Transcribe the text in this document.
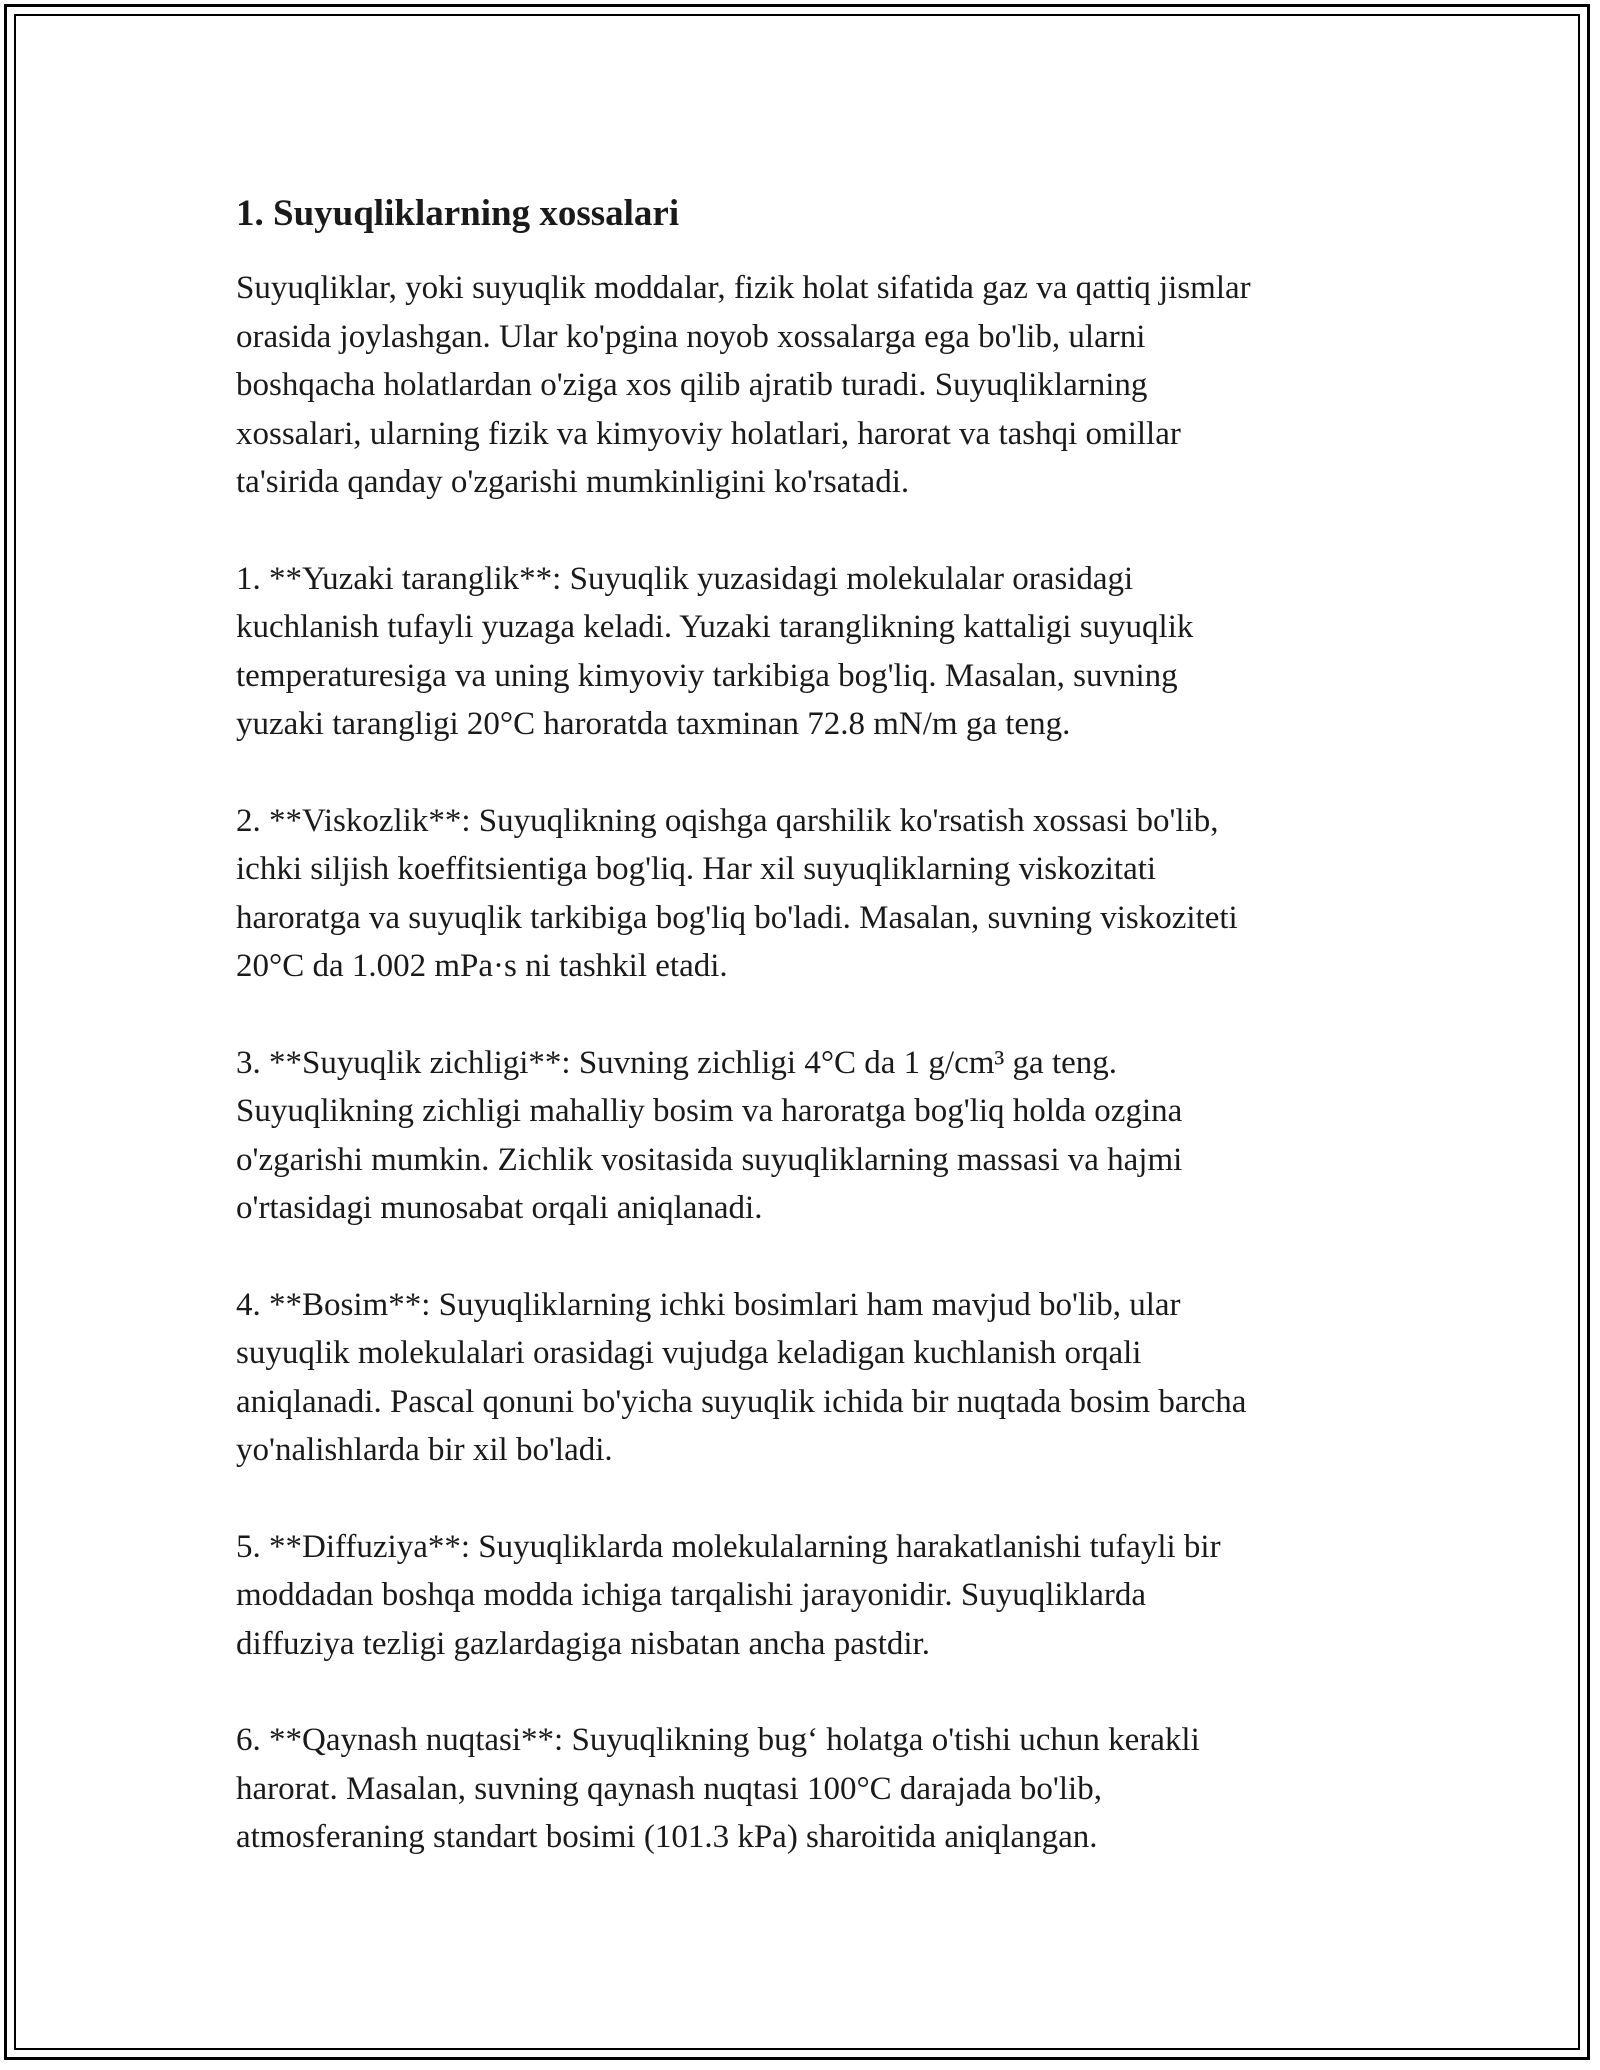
1. Suyuqliklarning xossalari

Suyuqliklar, yoki suyuqlik moddalar, fizik holat sifatida gaz va qattiq jismlar
orasida joylashgan. Ular ko'pgina noyob xossalarga ega bo'lib, ularni
boshqacha holatlardan o'ziga xos qilib ajratib turadi. Suyuqliklarning
xossalari, ularning fizik va kimyoviy holatlari, harorat va tashqi omillar
ta'sirida qanday o'zgarishi mumkinligini ko'rsatadi.

1. **Yuzaki taranglik**: Suyuqlik yuzasidagi molekulalar orasidagi
kuchlanish tufayli yuzaga keladi. Yuzaki taranglikning kattaligi suyuqlik
temperaturesiga va uning kimyoviy tarkibiga bog'liq. Masalan, suvning
yuzaki tarangligi 20°C haroratda taxminan 72.8 mN/m ga teng.

2. **Viskozlik**: Suyuqlikning oqishga qarshilik ko'rsatish xossasi bo'lib,
ichki siljish koeffitsientiga bog'liq. Har xil suyuqliklarning viskozitati
haroratga va suyuqlik tarkibiga bog'liq bo'ladi. Masalan, suvning viskoziteti
20°C da 1.002 mPa·s ni tashkil etadi.

3. **Suyuqlik zichligi**: Suvning zichligi 4°C da 1 g/cm³ ga teng.
Suyuqlikning zichligi mahalliy bosim va haroratga bog'liq holda ozgina
o'zgarishi mumkin. Zichlik vositasida suyuqliklarning massasi va hajmi
o'rtasidagi munosabat orqali aniqlanadi.

4. **Bosim**: Suyuqliklarning ichki bosimlari ham mavjud bo'lib, ular
suyuqlik molekulalari orasidagi vujudga keladigan kuchlanish orqali
aniqlanadi. Pascal qonuni bo'yicha suyuqlik ichida bir nuqtada bosim barcha
yo'nalishlarda bir xil bo'ladi.

5. **Diffuziya**: Suyuqliklarda molekulalarning harakatlanishi tufayli bir
moddadan boshqa modda ichiga tarqalishi jarayonidir. Suyuqliklarda
diffuziya tezligi gazlardagiga nisbatan ancha pastdir.

6. **Qaynash nuqtasi**: Suyuqlikning bug‘ holatga o'tishi uchun kerakli
harorat. Masalan, suvning qaynash nuqtasi 100°C darajada bo'lib,
atmosferaning standart bosimi (101.3 kPa) sharoitida aniqlangan.
